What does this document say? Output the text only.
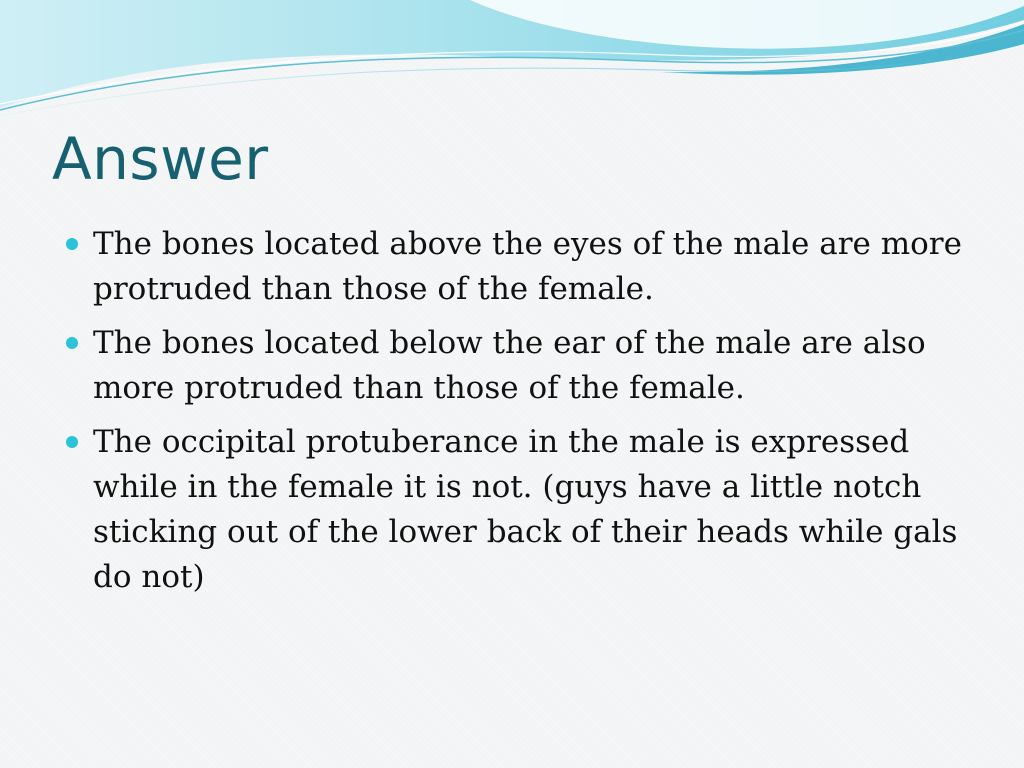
Answer
The bones located above the eyes of the male are more protruded than those of the female.
The bones located below the ear of the male are also more protruded than those of the female.
The occipital protuberance in the male is expressed while in the female it is not. (guys have a little notch sticking out of the lower back of their heads while gals do not)
